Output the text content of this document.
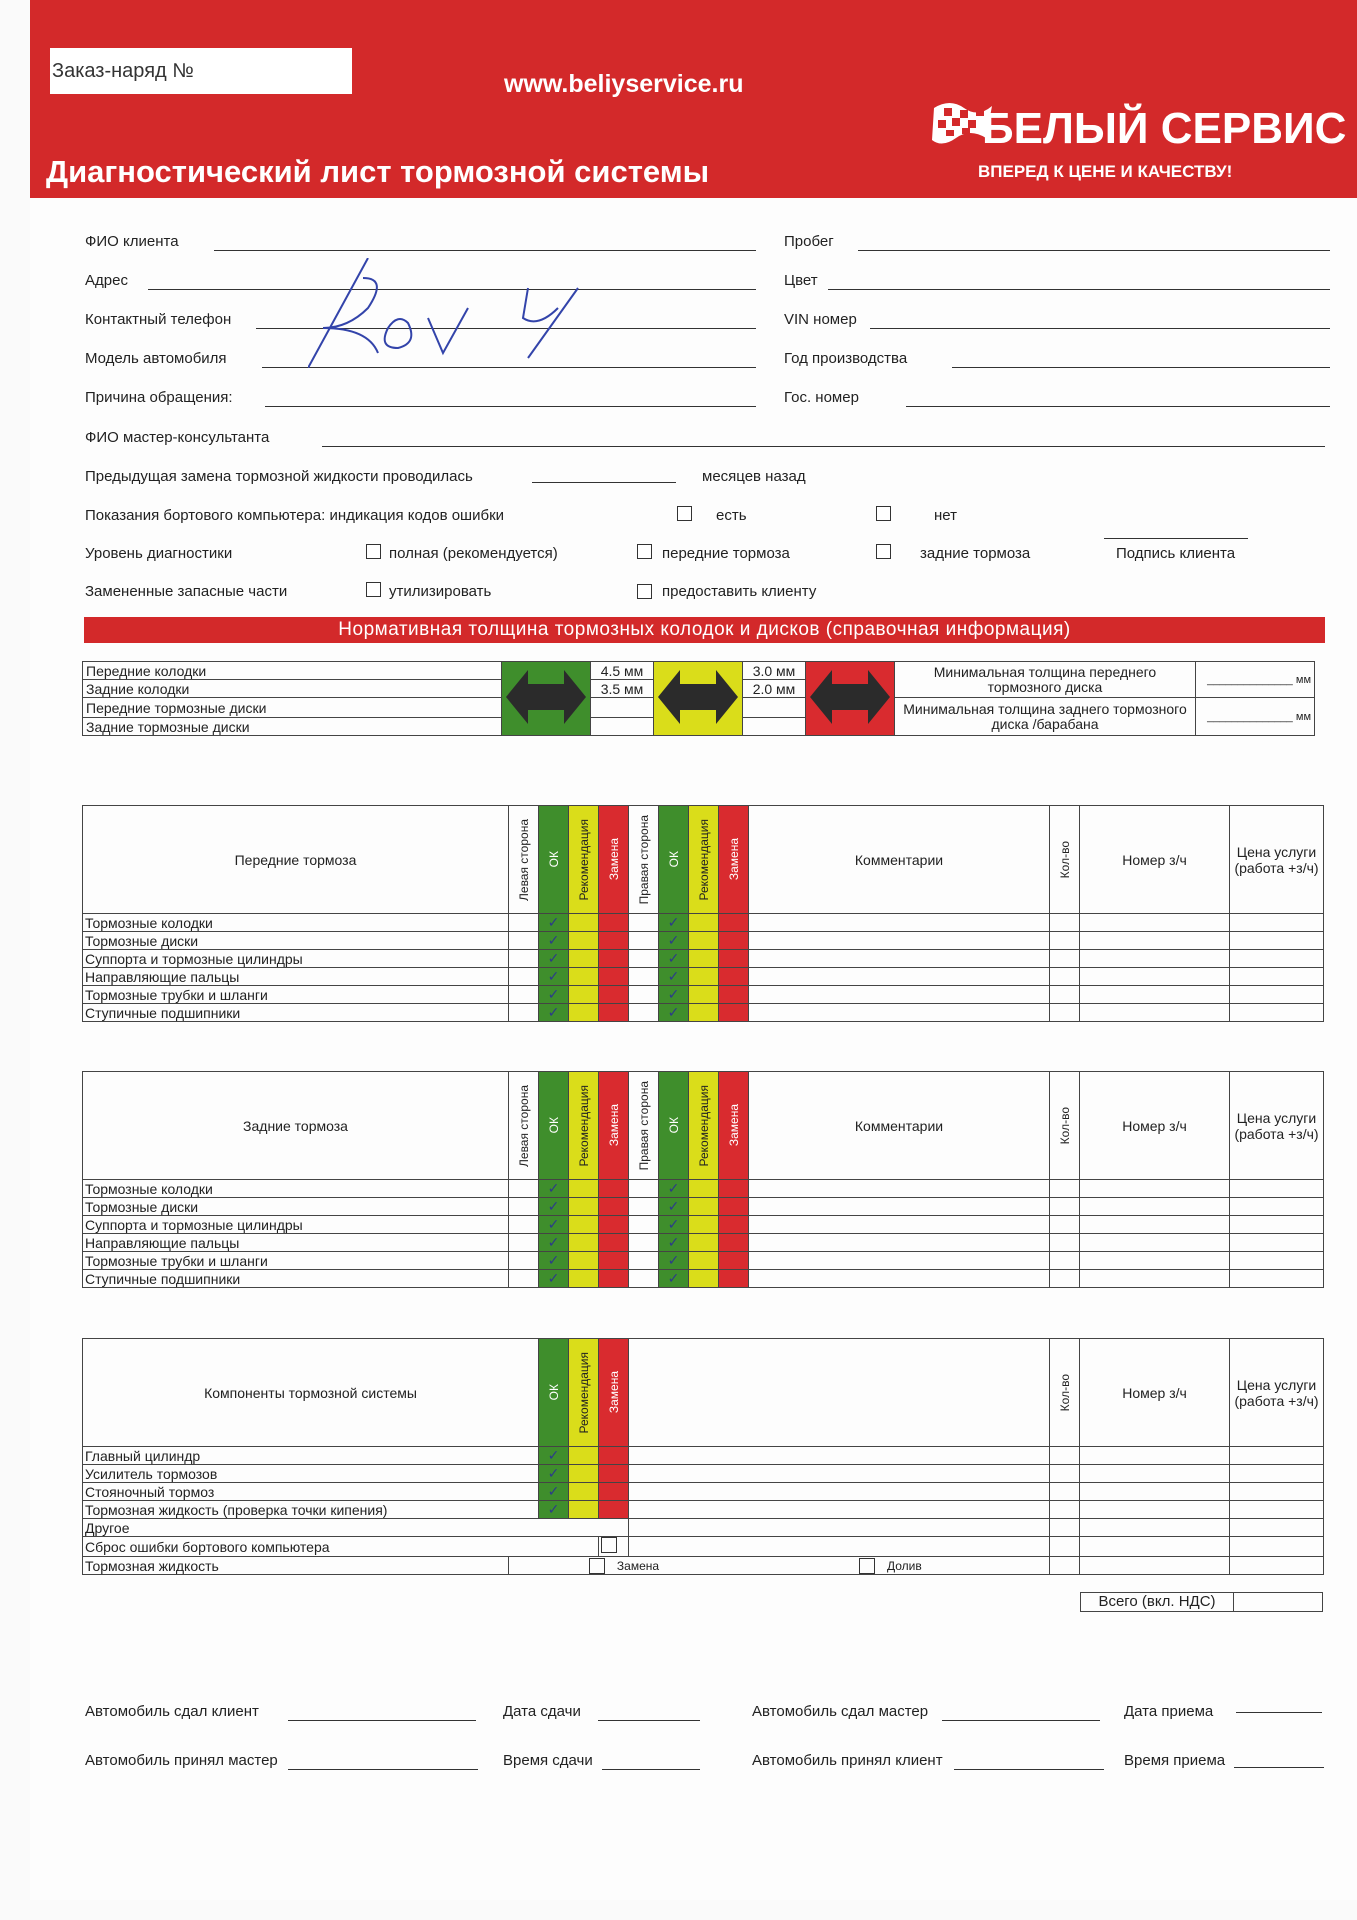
Заказ-наряд №	www.beliyservice.ru
Диагностический лист тормозной системы
БЕЛЫЙ СЕРВИС
ВПЕРЕД К ЦЕНЕ И КАЧЕСТВУ!
ФИО клиента
Адрес
Контактный телефон
Модель автомобиля
Причина обращения:
Пробег
Цвет
VIN номер
Год производства
Гос. номер
ФИО мастер-консультанта
Предыдущая замена тормозной жидкости проводилась	месяцев назад
Показания бортового компьютера: индикация кодов ошибки	есть	нет
Уровень диагностики	полная (рекомендуется)	передние тормоза	задние тормоза	Подпись клиента
Замененные запасные части	утилизировать	предоставить клиенту
Нормативная толщина тормозных колодок и дисков (справочная информация)
Передние колодки		4.5 мм		3.0 мм		Минимальная толщина переднего тормозного диска	______________ мм
Задние колодки		3.5 мм		2.0 мм			
Передние тормозные диски						Минимальная толщина заднего тормозного диска /барабана	______________ мм
Задние тормозные диски							
Передние тормоза	Левая сторона	ОК	Рекомендация	Замена	Правая сторона	ОК	Рекомендация	Замена	Комментарии	Кол-во	Номер з/ч	Цена услуги (работа +з/ч)
Тормозные колодки		✓				✓						
Тормозные диски		✓				✓						
Суппорта и тормозные цилиндры		✓				✓						
Направляющие пальцы		✓				✓						
Тормозные трубки и шланги		✓				✓						
Ступичные подшипники		✓				✓						
Задние тормоза	Левая сторона	ОК	Рекомендация	Замена	Правая сторона	ОК	Рекомендация	Замена	Комментарии	Кол-во	Номер з/ч	Цена услуги (работа +з/ч)
Тормозные колодки		✓				✓						
Тормозные диски		✓				✓						
Суппорта и тормозные цилиндры		✓				✓						
Направляющие пальцы		✓				✓						
Тормозные трубки и шланги		✓				✓						
Ступичные подшипники		✓				✓						
Компоненты тормозной системы		ОК	Рекомендация	Замена		Кол-во	Номер з/ч	Цена услуги (работа +з/ч)
Главный цилиндр		✓						
Усилитель тормозов		✓						
Стояночный тормоз		✓						
Тормозная жидкость (проверка точки кипения)		✓						
Другое								
Сброс ошибки бортового компьютера								
Тормозная жидкость	Замена Долив							
Всего (вкл. НДС)
Автомобиль сдал клиент
Автомобиль принял мастер
Дата сдачи
Время сдачи
Автомобиль сдал мастер
Автомобиль принял клиент
Дата приема
Время приема
